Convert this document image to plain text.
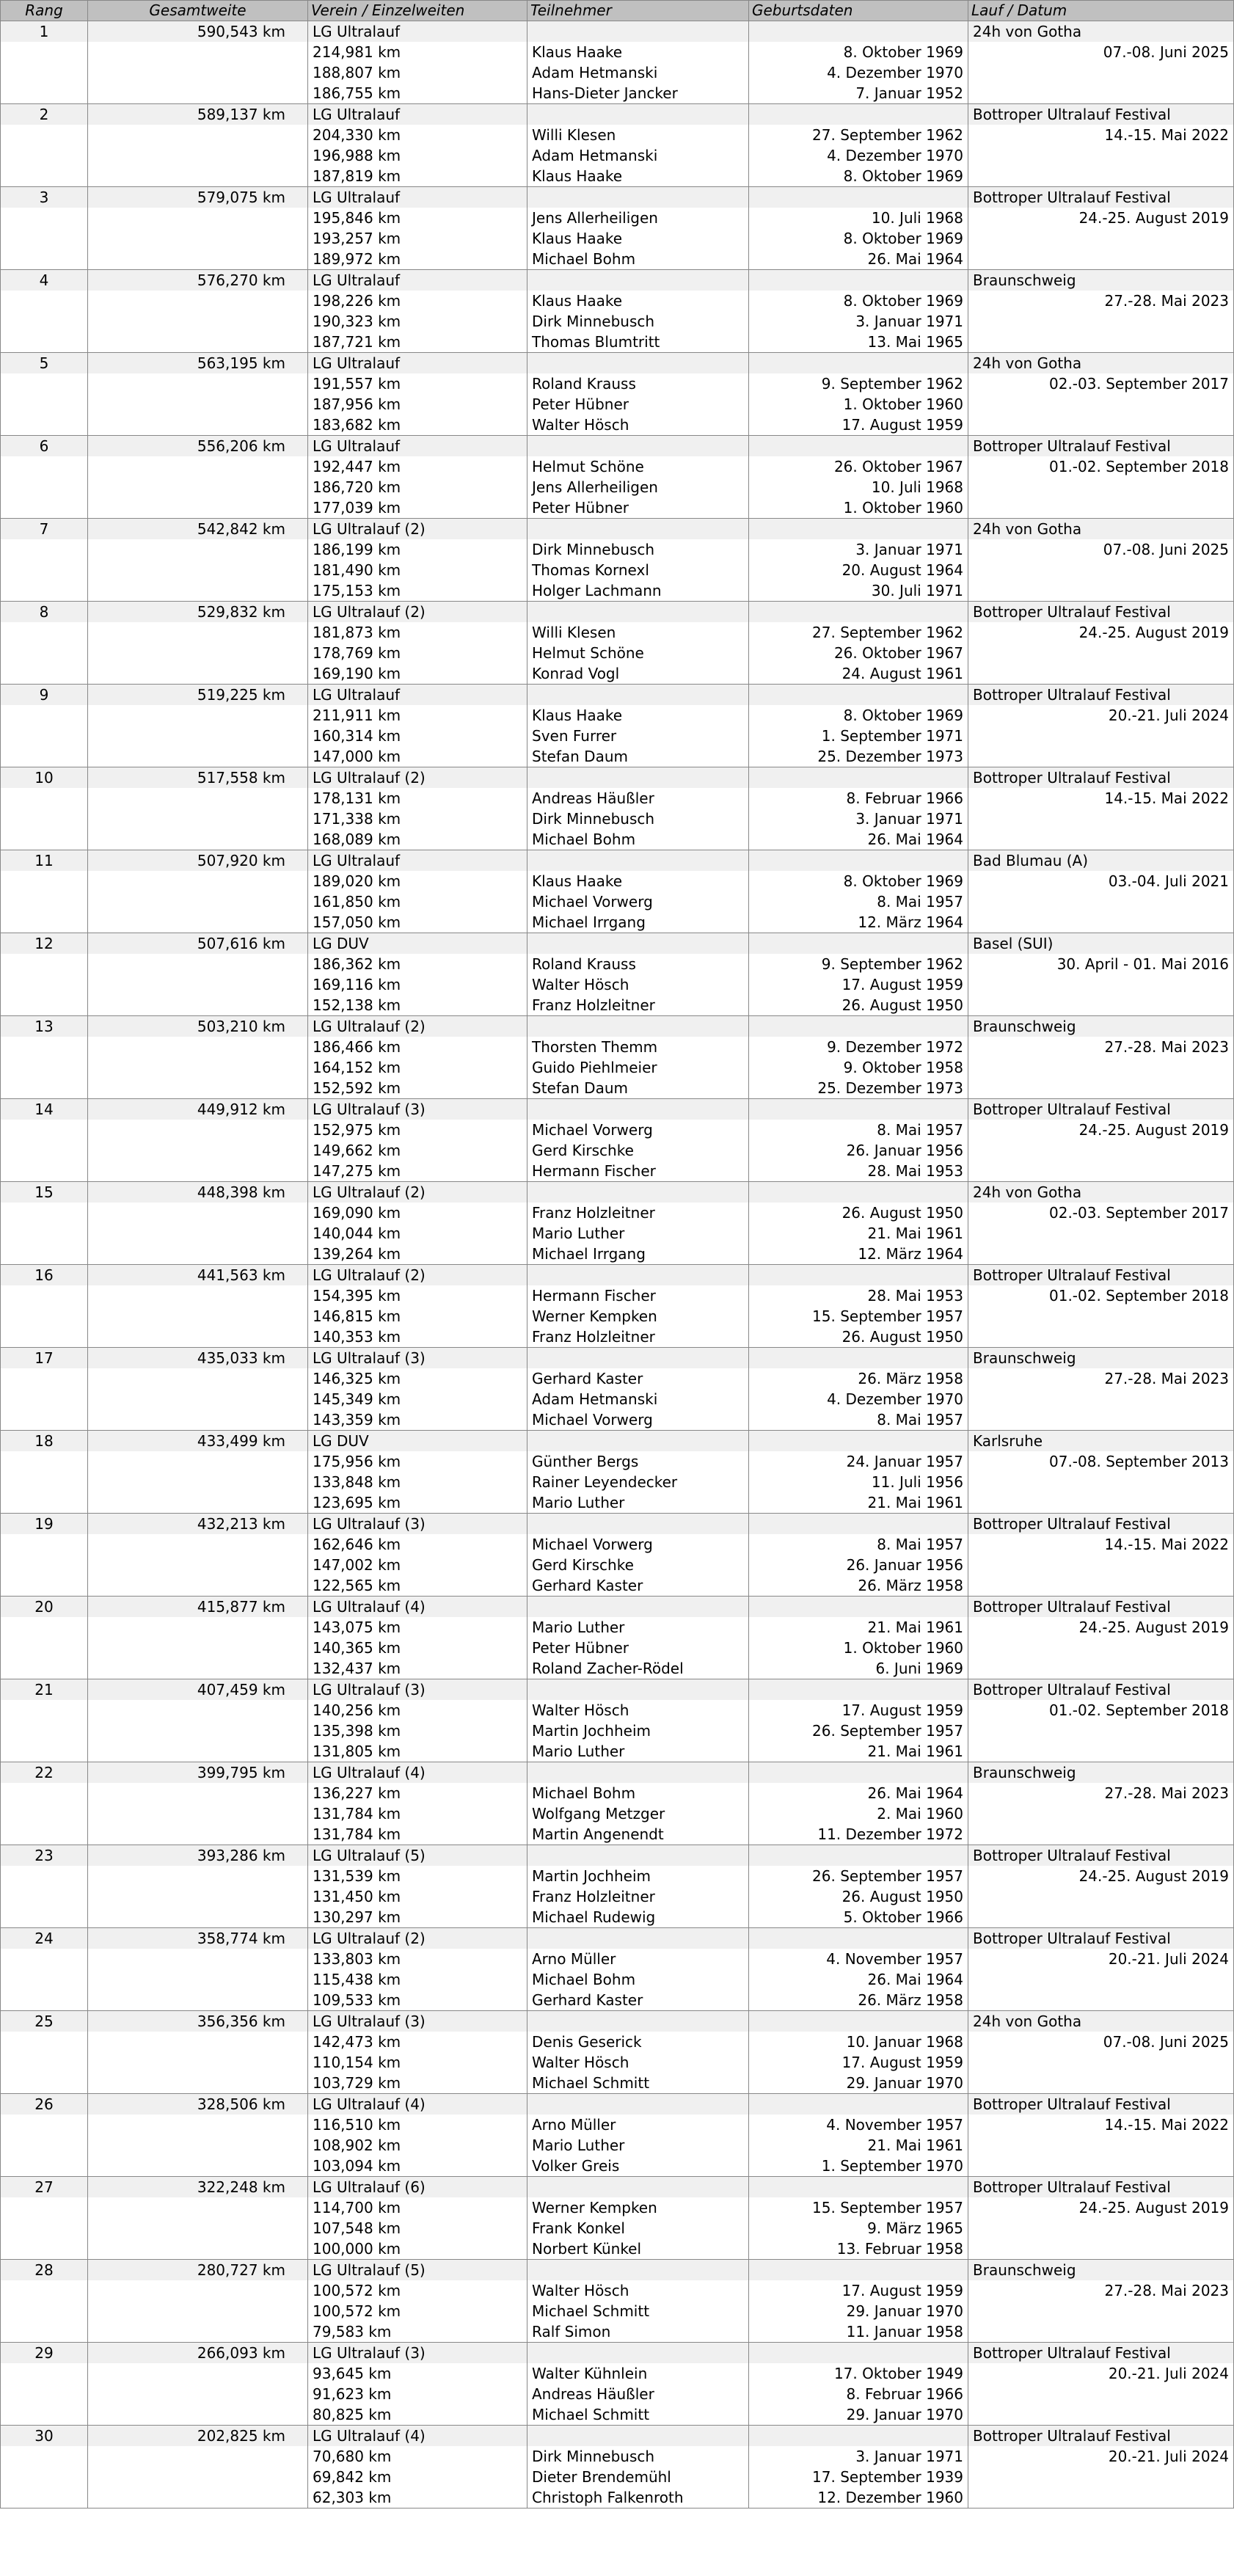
Rang	Gesamtweite	Verein / Einzelweiten	Teilnehmer	Geburtsdaten	Lauf / Datum
1	590,543 km	LG Ultralauf			24h von Gotha
		214,981 km	Klaus Haake	8. Oktober 1969	07.-08. Juni 2025
		188,807 km	Adam Hetmanski	4. Dezember 1970	
		186,755 km	Hans-Dieter Jancker	7. Januar 1952	
2	589,137 km	LG Ultralauf			Bottroper Ultralauf Festival
		204,330 km	Willi Klesen	27. September 1962	14.-15. Mai 2022
		196,988 km	Adam Hetmanski	4. Dezember 1970	
		187,819 km	Klaus Haake	8. Oktober 1969	
3	579,075 km	LG Ultralauf			Bottroper Ultralauf Festival
		195,846 km	Jens Allerheiligen	10. Juli 1968	24.-25. August 2019
		193,257 km	Klaus Haake	8. Oktober 1969	
		189,972 km	Michael Bohm	26. Mai 1964	
4	576,270 km	LG Ultralauf			Braunschweig
		198,226 km	Klaus Haake	8. Oktober 1969	27.-28. Mai 2023
		190,323 km	Dirk Minnebusch	3. Januar 1971	
		187,721 km	Thomas Blumtritt	13. Mai 1965	
5	563,195 km	LG Ultralauf			24h von Gotha
		191,557 km	Roland Krauss	9. September 1962	02.-03. September 2017
		187,956 km	Peter Hübner	1. Oktober 1960	
		183,682 km	Walter Hösch	17. August 1959	
6	556,206 km	LG Ultralauf			Bottroper Ultralauf Festival
		192,447 km	Helmut Schöne	26. Oktober 1967	01.-02. September 2018
		186,720 km	Jens Allerheiligen	10. Juli 1968	
		177,039 km	Peter Hübner	1. Oktober 1960	
7	542,842 km	LG Ultralauf (2)			24h von Gotha
		186,199 km	Dirk Minnebusch	3. Januar 1971	07.-08. Juni 2025
		181,490 km	Thomas Kornexl	20. August 1964	
		175,153 km	Holger Lachmann	30. Juli 1971	
8	529,832 km	LG Ultralauf (2)			Bottroper Ultralauf Festival
		181,873 km	Willi Klesen	27. September 1962	24.-25. August 2019
		178,769 km	Helmut Schöne	26. Oktober 1967	
		169,190 km	Konrad Vogl	24. August 1961	
9	519,225 km	LG Ultralauf			Bottroper Ultralauf Festival
		211,911 km	Klaus Haake	8. Oktober 1969	20.-21. Juli 2024
		160,314 km	Sven Furrer	1. September 1971	
		147,000 km	Stefan Daum	25. Dezember 1973	
10	517,558 km	LG Ultralauf (2)			Bottroper Ultralauf Festival
		178,131 km	Andreas Häußler	8. Februar 1966	14.-15. Mai 2022
		171,338 km	Dirk Minnebusch	3. Januar 1971	
		168,089 km	Michael Bohm	26. Mai 1964	
11	507,920 km	LG Ultralauf			Bad Blumau (A)
		189,020 km	Klaus Haake	8. Oktober 1969	03.-04. Juli 2021
		161,850 km	Michael Vorwerg	8. Mai 1957	
		157,050 km	Michael Irrgang	12. März 1964	
12	507,616 km	LG DUV			Basel (SUI)
		186,362 km	Roland Krauss	9. September 1962	30. April - 01. Mai 2016
		169,116 km	Walter Hösch	17. August 1959	
		152,138 km	Franz Holzleitner	26. August 1950	
13	503,210 km	LG Ultralauf (2)			Braunschweig
		186,466 km	Thorsten Themm	9. Dezember 1972	27.-28. Mai 2023
		164,152 km	Guido Piehlmeier	9. Oktober 1958	
		152,592 km	Stefan Daum	25. Dezember 1973	
14	449,912 km	LG Ultralauf (3)			Bottroper Ultralauf Festival
		152,975 km	Michael Vorwerg	8. Mai 1957	24.-25. August 2019
		149,662 km	Gerd Kirschke	26. Januar 1956	
		147,275 km	Hermann Fischer	28. Mai 1953	
15	448,398 km	LG Ultralauf (2)			24h von Gotha
		169,090 km	Franz Holzleitner	26. August 1950	02.-03. September 2017
		140,044 km	Mario Luther	21. Mai 1961	
		139,264 km	Michael Irrgang	12. März 1964	
16	441,563 km	LG Ultralauf (2)			Bottroper Ultralauf Festival
		154,395 km	Hermann Fischer	28. Mai 1953	01.-02. September 2018
		146,815 km	Werner Kempken	15. September 1957	
		140,353 km	Franz Holzleitner	26. August 1950	
17	435,033 km	LG Ultralauf (3)			Braunschweig
		146,325 km	Gerhard Kaster	26. März 1958	27.-28. Mai 2023
		145,349 km	Adam Hetmanski	4. Dezember 1970	
		143,359 km	Michael Vorwerg	8. Mai 1957	
18	433,499 km	LG DUV			Karlsruhe
		175,956 km	Günther Bergs	24. Januar 1957	07.-08. September 2013
		133,848 km	Rainer Leyendecker	11. Juli 1956	
		123,695 km	Mario Luther	21. Mai 1961	
19	432,213 km	LG Ultralauf (3)			Bottroper Ultralauf Festival
		162,646 km	Michael Vorwerg	8. Mai 1957	14.-15. Mai 2022
		147,002 km	Gerd Kirschke	26. Januar 1956	
		122,565 km	Gerhard Kaster	26. März 1958	
20	415,877 km	LG Ultralauf (4)			Bottroper Ultralauf Festival
		143,075 km	Mario Luther	21. Mai 1961	24.-25. August 2019
		140,365 km	Peter Hübner	1. Oktober 1960	
		132,437 km	Roland Zacher-Rödel	6. Juni 1969	
21	407,459 km	LG Ultralauf (3)			Bottroper Ultralauf Festival
		140,256 km	Walter Hösch	17. August 1959	01.-02. September 2018
		135,398 km	Martin Jochheim	26. September 1957	
		131,805 km	Mario Luther	21. Mai 1961	
22	399,795 km	LG Ultralauf (4)			Braunschweig
		136,227 km	Michael Bohm	26. Mai 1964	27.-28. Mai 2023
		131,784 km	Wolfgang Metzger	2. Mai 1960	
		131,784 km	Martin Angenendt	11. Dezember 1972	
23	393,286 km	LG Ultralauf (5)			Bottroper Ultralauf Festival
		131,539 km	Martin Jochheim	26. September 1957	24.-25. August 2019
		131,450 km	Franz Holzleitner	26. August 1950	
		130,297 km	Michael Rudewig	5. Oktober 1966	
24	358,774 km	LG Ultralauf (2)			Bottroper Ultralauf Festival
		133,803 km	Arno Müller	4. November 1957	20.-21. Juli 2024
		115,438 km	Michael Bohm	26. Mai 1964	
		109,533 km	Gerhard Kaster	26. März 1958	
25	356,356 km	LG Ultralauf (3)			24h von Gotha
		142,473 km	Denis Geserick	10. Januar 1968	07.-08. Juni 2025
		110,154 km	Walter Hösch	17. August 1959	
		103,729 km	Michael Schmitt	29. Januar 1970	
26	328,506 km	LG Ultralauf (4)			Bottroper Ultralauf Festival
		116,510 km	Arno Müller	4. November 1957	14.-15. Mai 2022
		108,902 km	Mario Luther	21. Mai 1961	
		103,094 km	Volker Greis	1. September 1970	
27	322,248 km	LG Ultralauf (6)			Bottroper Ultralauf Festival
		114,700 km	Werner Kempken	15. September 1957	24.-25. August 2019
		107,548 km	Frank Konkel	9. März 1965	
		100,000 km	Norbert Künkel	13. Februar 1958	
28	280,727 km	LG Ultralauf (5)			Braunschweig
		100,572 km	Walter Hösch	17. August 1959	27.-28. Mai 2023
		100,572 km	Michael Schmitt	29. Januar 1970	
		79,583 km	Ralf Simon	11. Januar 1958	
29	266,093 km	LG Ultralauf (3)			Bottroper Ultralauf Festival
		93,645 km	Walter Kühnlein	17. Oktober 1949	20.-21. Juli 2024
		91,623 km	Andreas Häußler	8. Februar 1966	
		80,825 km	Michael Schmitt	29. Januar 1970	
30	202,825 km	LG Ultralauf (4)			Bottroper Ultralauf Festival
		70,680 km	Dirk Minnebusch	3. Januar 1971	20.-21. Juli 2024
		69,842 km	Dieter Brendemühl	17. September 1939	
		62,303 km	Christoph Falkenroth	12. Dezember 1960	
